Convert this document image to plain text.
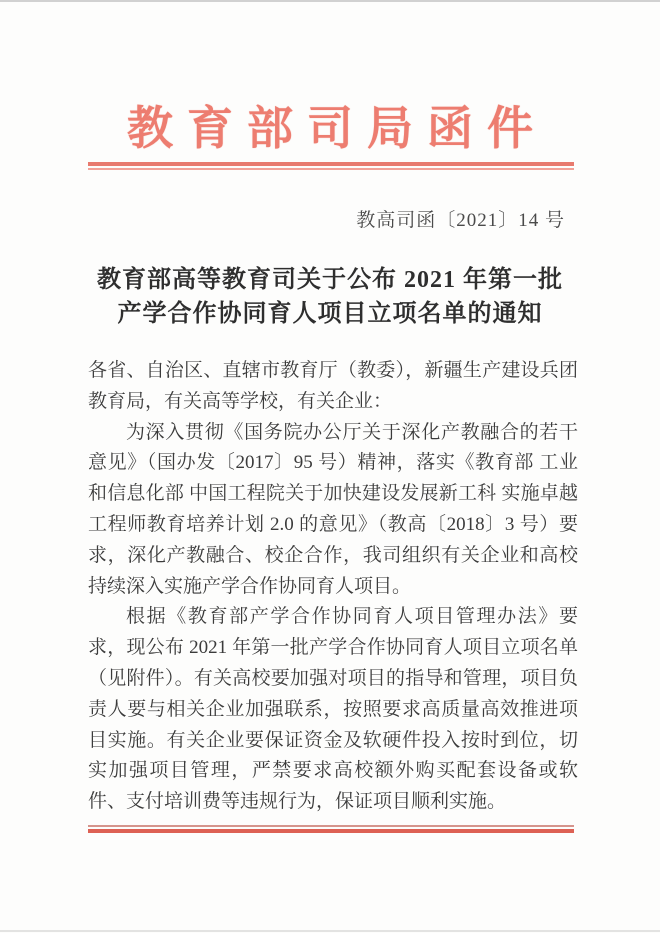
教育部司局函件
教高司函〔2021〕14 号
教育部高等教育司关于公布 2021 年第一批
产学合作协同育人项目立项名单的通知

各省、自治区、直辖市教育厅（教委），新疆生产建设兵团教育局，有关高等学校，有关企业：

为深入贯彻《国务院办公厅关于深化产教融合的若干意见》（国办发〔2017〕95 号）精神，落实《教育部 工业和信息化部 中国工程院关于加快建设发展新工科 实施卓越工程师教育培养计划 2.0 的意见》（教高〔2018〕3 号）要求，深化产教融合、校企合作，我司组织有关企业和高校持续深入实施产学合作协同育人项目。

根据《教育部产学合作协同育人项目管理办法》要求，现公布 2021 年第一批产学合作协同育人项目立项名单（见附件）。有关高校要加强对项目的指导和管理，项目负责人要与相关企业加强联系，按照要求高质量高效推进项目实施。有关企业要保证资金及软硬件投入按时到位，切实加强项目管理，严禁要求高校额外购买配套设备或软件、支付培训费等违规行为，保证项目顺利实施。
